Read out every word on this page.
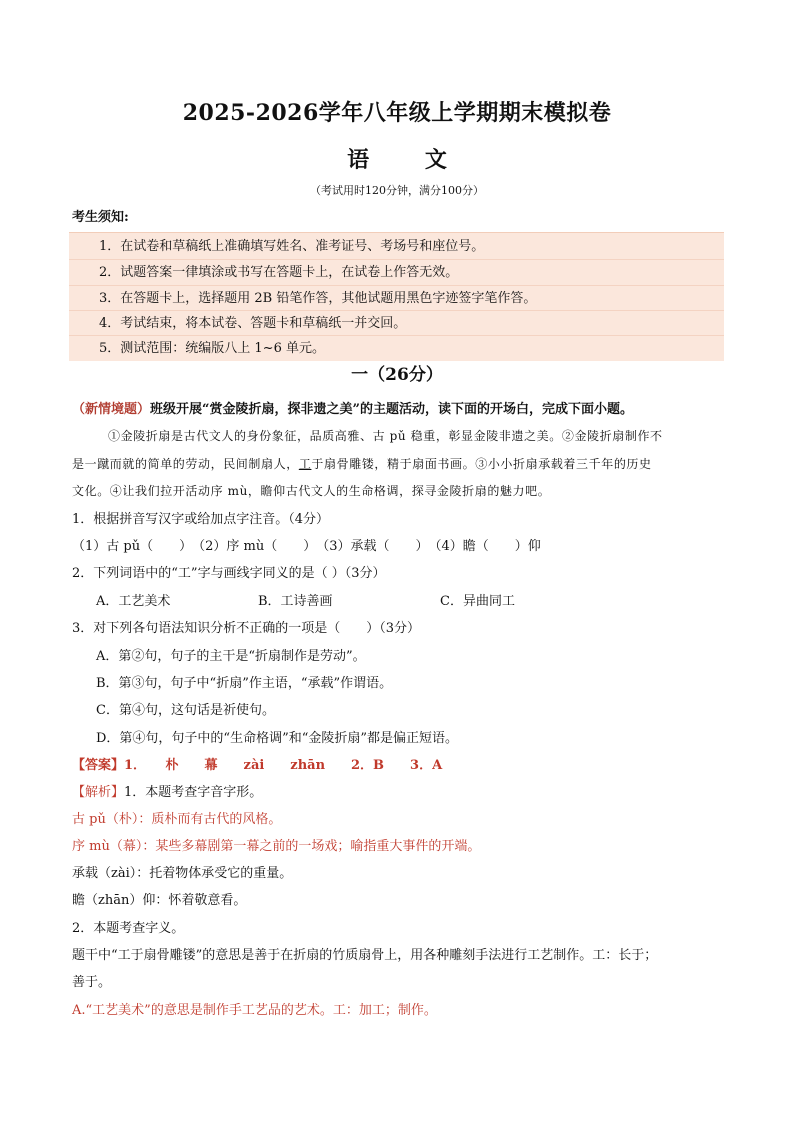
2025-2026学年八年级上学期期末模拟卷
语 文
（考试用时120分钟，满分100分）
考生须知:
1．在试卷和草稿纸上准确填写姓名、准考证号、考场号和座位号。
2．试题答案一律填涂或书写在答题卡上，在试卷上作答无效。
3．在答题卡上，选择题用 2B 铅笔作答，其他试题用黑色字迹签字笔作答。
4．考试结束，将本试卷、答题卡和草稿纸一并交回。
5．测试范围：统编版八上 1~6 单元。
一（26分）
（新情境题）班级开展“赏金陵折扇，探非遗之美”的主题活动，读下面的开场白，完成下面小题。
①金陵折扇是古代文人的身份象征，品质高雅、古 pǔ 稳重，彰显金陵非遗之美。②金陵折扇制作不
是一蹴而就的简单的劳动，民间制扇人，工于扇骨雕镂，精于扇面书画。③小小折扇承载着三千年的历史
文化。④让我们拉开活动序 mù，瞻仰古代文人的生命格调，探寻金陵折扇的魅力吧。
1．根据拼音写汉字或给加点字注音。（4分）
（1）古 pǔ（　　）　（2）序 mù（　　）　（3）承载（　　）　（4）瞻（　　）仰
2．下列词语中的“工”字与画线字同义的是（ ）（3分）
A．工艺美术	B．工诗善画	C．异曲同工
3．对下列各句语法知识分析不正确的一项是（　　）（3分）
A．第②句，句子的主干是“折扇制作是劳动”。
B．第③句，句子中“折扇”作主语，“承载”作谓语。
C．第④句，这句话是祈使句。
D．第④句，句子中的“生命格调”和“金陵折扇”都是偏正短语。
【答案】1．　　朴　　幕　　zài　　zhān　　2．B　　3．A
【解析】1．本题考查字音字形。
古 pǔ（朴）：质朴而有古代的风格。
序 mù（幕）：某些多幕剧第一幕之前的一场戏；喻指重大事件的开端。
承载（zài）：托着物体承受它的重量。
瞻（zhān）仰：怀着敬意看。
2．本题考查字义。
题干中“工于扇骨雕镂”的意思是善于在折扇的竹质扇骨上，用各种雕刻手法进行工艺制作。工：长于；
善于。
A.“工艺美术”的意思是制作手工艺品的艺术。工：加工；制作。
